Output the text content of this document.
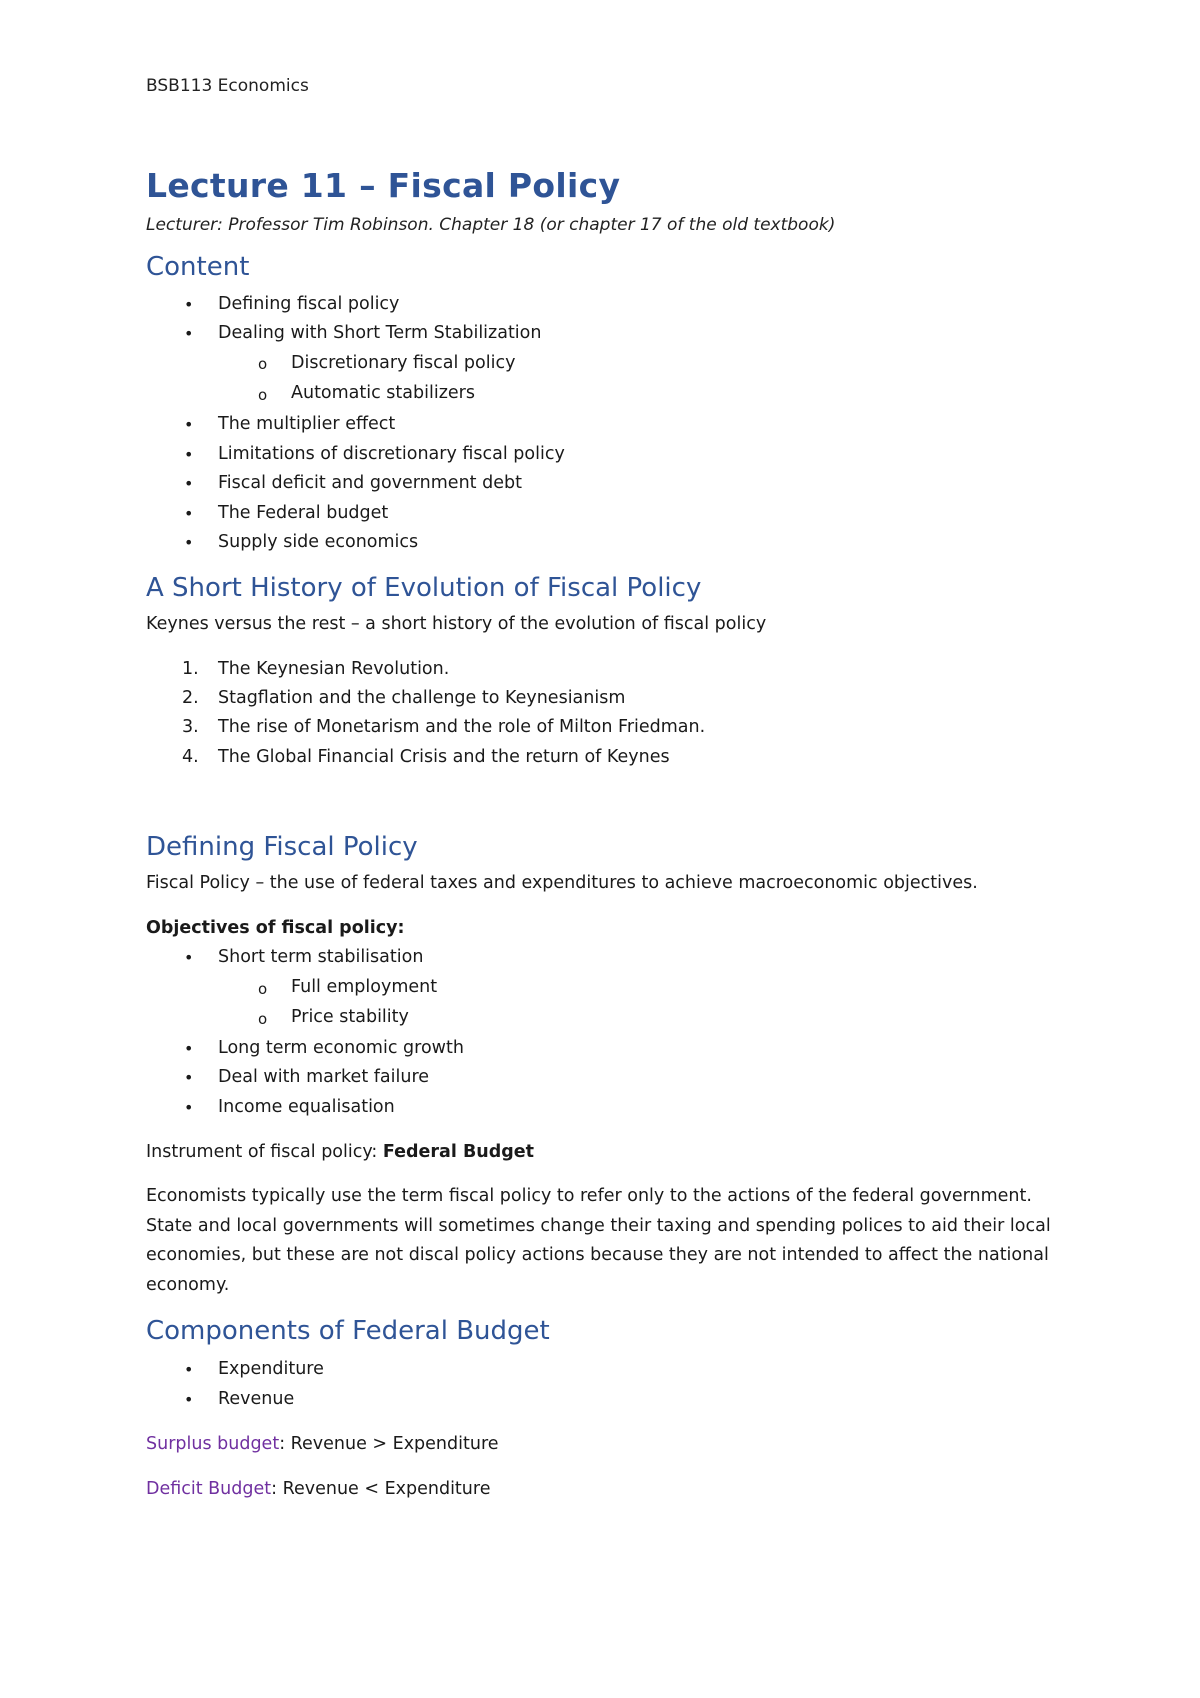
BSB113 Economics
Lecture 11 – Fiscal Policy
Lecturer: Professor Tim Robinson. Chapter 18 (or chapter 17 of the old textbook)
Content
• Defining fiscal policy

• Dealing with Short Term Stabilization

o Discretionary fiscal policy

o Automatic stabilizers

• The multiplier effect

• Limitations of discretionary fiscal policy

• Fiscal deficit and government debt

• The Federal budget

• Supply side economics

A Short History of Evolution of Fiscal Policy

Keynes versus the rest – a short history of the evolution of fiscal policy

1. The Keynesian Revolution.

2. Stagflation and the challenge to Keynesianism

3. The rise of Monetarism and the role of Milton Friedman.

4. The Global Financial Crisis and the return of Keynes

Defining Fiscal Policy

Fiscal Policy – the use of federal taxes and expenditures to achieve macroeconomic objectives.

Objectives of fiscal policy:

• Short term stabilisation

o Full employment

o Price stability

• Long term economic growth

• Deal with market failure

• Income equalisation

Instrument of fiscal policy: Federal Budget

Economists typically use the term fiscal policy to refer only to the actions of the federal government. State and local governments will sometimes change their taxing and spending polices to aid their local economies, but these are not discal policy actions because they are not intended to affect the national economy.

Components of Federal Budget
• Expenditure

• Revenue

Surplus budget: Revenue > Expenditure

Deficit Budget: Revenue < Expenditure
